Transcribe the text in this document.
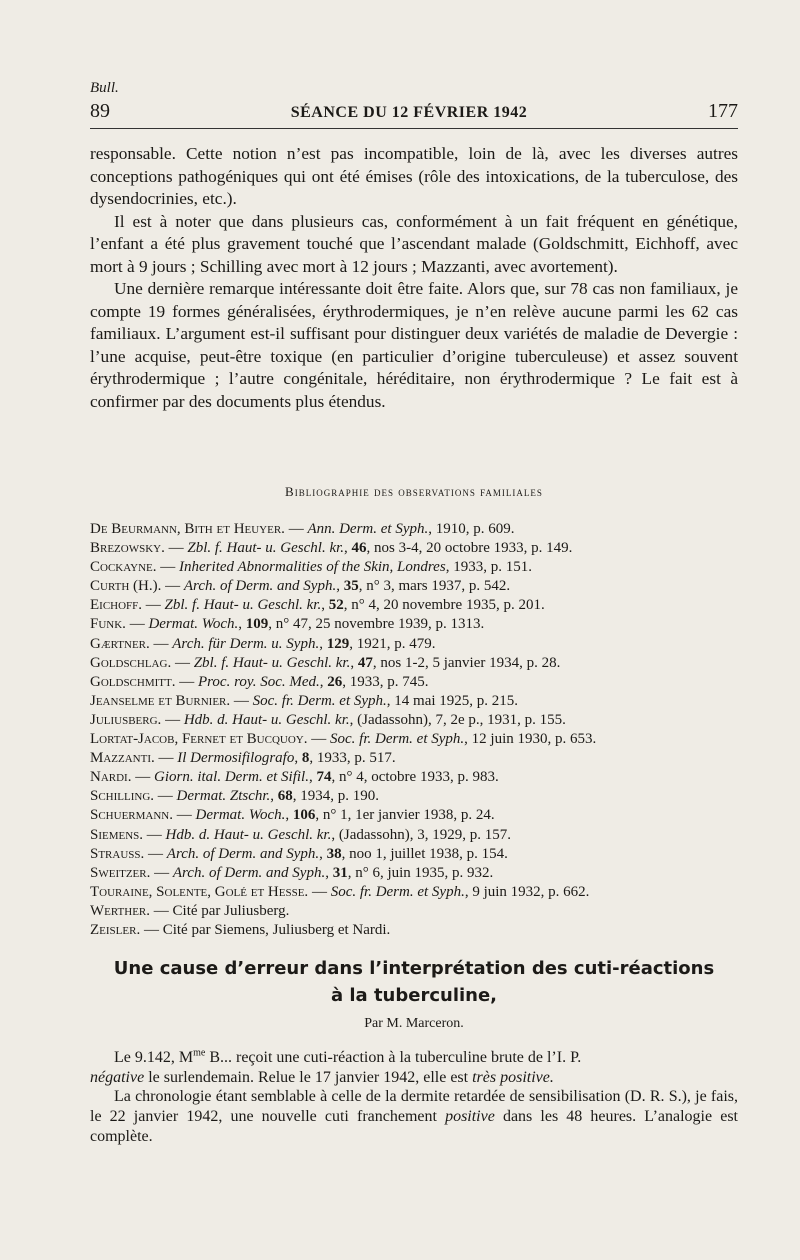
Bull.
89	SÉANCE DU 12 FÉVRIER 1942	177

responsable. Cette notion n’est pas incompatible, loin de là, avec les diverses autres conceptions pathogéniques qui ont été émises (rôle des intoxications, de la tuberculose, des dysendocrinies, etc.).

Il est à noter que dans plusieurs cas, conformément à un fait fréquent en génétique, l’enfant a été plus gravement touché que l’ascendant malade (Goldschmitt, Eichhoff, avec mort à 9 jours ; Schilling avec mort à 12 jours ; Mazzanti, avec avortement).

Une dernière remarque intéressante doit être faite. Alors que, sur 78 cas non familiaux, je compte 19 formes généralisées, érythrodermiques, je n’en relève aucune parmi les 62 cas familiaux. L’argument est-il suffisant pour distinguer deux variétés de maladie de Devergie : l’une acquise, peut-être toxique (en particulier d’origine tuberculeuse) et assez souvent érythrodermique ; l’autre congénitale, héréditaire, non érythrodermique ? Le fait est à confirmer par des documents plus étendus.

Bibliographie des observations familiales
De Beurmann, Bith et Heuyer. — Ann. Derm. et Syph., 1910, p. 609.
Brezowsky. — Zbl. f. Haut- u. Geschl. kr., 46, nos 3-4, 20 octobre 1933, p. 149.
Cockayne. — Inherited Abnormalities of the Skin, Londres, 1933, p. 151.
Curth (H.). — Arch. of Derm. and Syph., 35, n° 3, mars 1937, p. 542.
Eichoff. — Zbl. f. Haut- u. Geschl. kr., 52, n° 4, 20 novembre 1935, p. 201.
Funk. — Dermat. Woch., 109, n° 47, 25 novembre 1939, p. 1313.
Gærtner. — Arch. für Derm. u. Syph., 129, 1921, p. 479.
Goldschlag. — Zbl. f. Haut- u. Geschl. kr., 47, nos 1-2, 5 janvier 1934, p. 28.
Goldschmitt. — Proc. roy. Soc. Med., 26, 1933, p. 745.
Jeanselme et Burnier. — Soc. fr. Derm. et Syph., 14 mai 1925, p. 215.
Juliusberg. — Hdb. d. Haut- u. Geschl. kr., (Jadassohn), 7, 2e p., 1931, p. 155.
Lortat-Jacob, Fernet et Bucquoy. — Soc. fr. Derm. et Syph., 12 juin 1930, p. 653.
Mazzanti. — Il Dermosifilografo, 8, 1933, p. 517.
Nardi. — Giorn. ital. Derm. et Sifil., 74, n° 4, octobre 1933, p. 983.
Schilling. — Dermat. Ztschr., 68, 1934, p. 190.
Schuermann. — Dermat. Woch., 106, n° 1, 1er janvier 1938, p. 24.
Siemens. — Hdb. d. Haut- u. Geschl. kr., (Jadassohn), 3, 1929, p. 157.
Strauss. — Arch. of Derm. and Syph., 38, noo 1, juillet 1938, p. 154.
Sweitzer. — Arch. of Derm. and Syph., 31, n° 6, juin 1935, p. 932.
Touraine, Solente, Golé et Hesse. — Soc. fr. Derm. et Syph., 9 juin 1932, p. 662.
Werther. — Cité par Juliusberg.
Zeisler. — Cité par Siemens, Juliusberg et Nardi.
Une cause d’erreur dans l’interprétation des cuti-réactions
à la tuberculine,
Par M. Marceron.

Le 9.142, $M^{me}$ B... reçoit une cuti-réaction à la tuberculine brute de l’I. P.
négative le surlendemain. Relue le 17 janvier 1942, elle est très positive.

La chronologie étant semblable à celle de la dermite retardée de sensibilisation (D. R. S.), je fais, le 22 janvier 1942, une nouvelle cuti franchement positive dans les 48 heures. L’analogie est complète.
